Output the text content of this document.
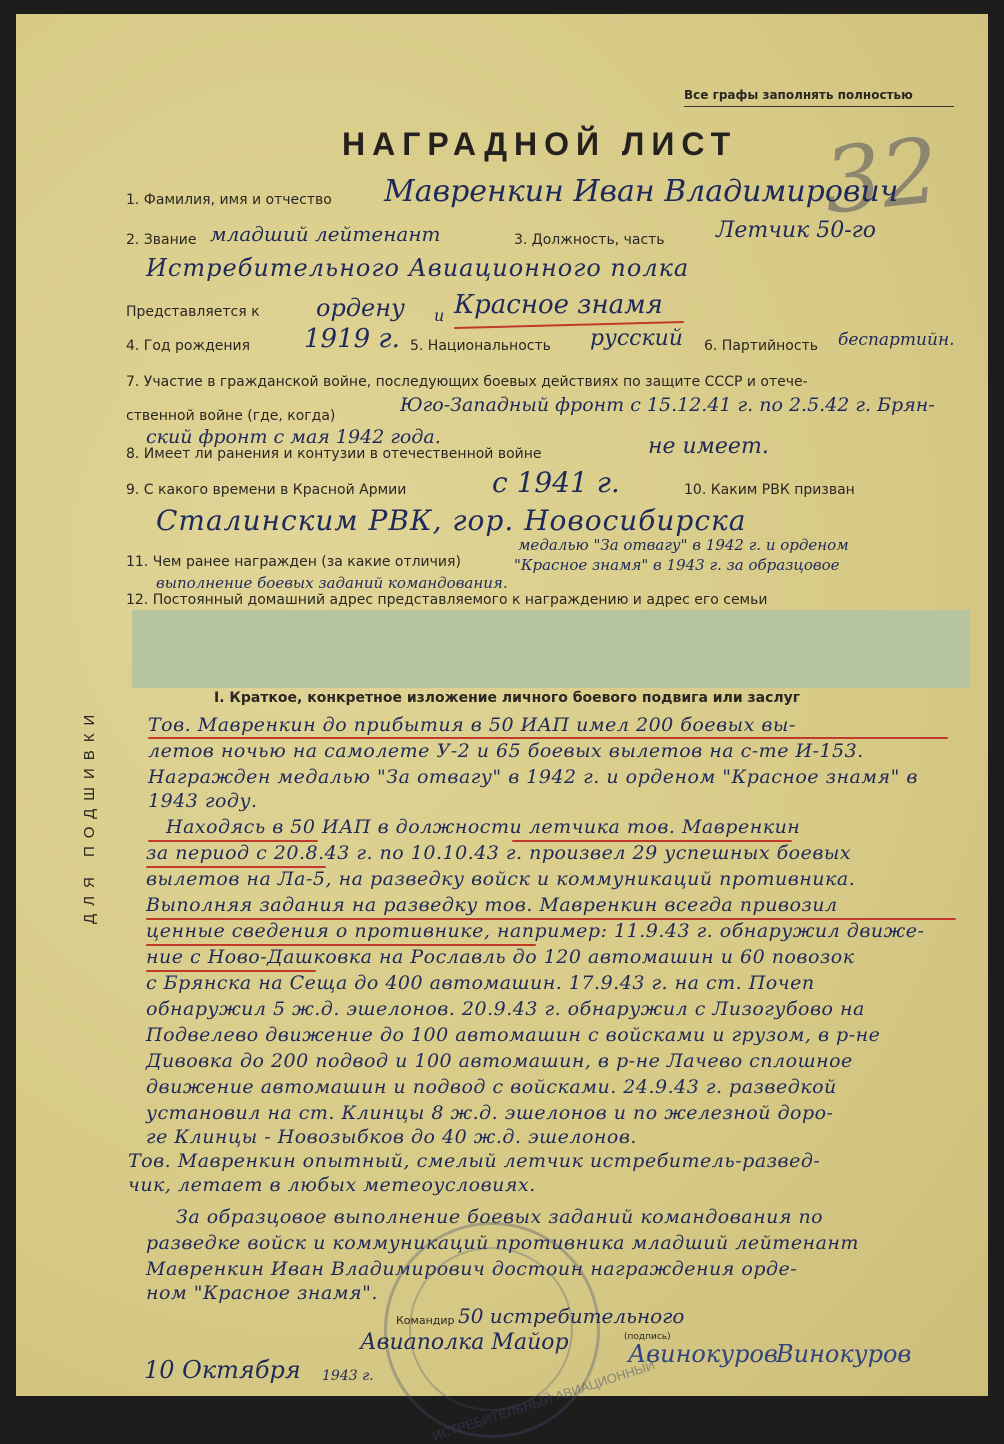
Все графы заполнять полностью
НАГРАДНОЙ ЛИСТ 32
1. Фамилия, имя и отчество Мавренкин Иван Владимирович
2. Звание младший лейтенант	3. Должность, часть Летчик 50-го
Истребительного Авиационного полка
Представляется к ордену и Красное знамя
4. Год рождения 1919 г. 5. Национальность русский 6. Партийность беспартийн.
7. Участие в гражданской войне, последующих боевых действиях по защите СССР и отече-
ственной войне (где, когда)	Юго-Западный фронт с 15.12.41 г. по 2.5.42 г. Брян-
ский фронт с мая 1942 года.
8. Имеет ли ранения и контузии в отечественной войне	не имеет.
9. С какого времени в Красной Армии	с 1941 г.	10. Каким РВК призван
Сталинским РВК, гор. Новосибирска
11. Чем ранее награжден (за какие отличия)
медалью "За отвагу" в 1942 г. и орденом
"Красное знамя" в 1943 г. за образцовое
выполнение боевых заданий командования.
12. Постоянный домашний адрес представляемого к награждению и адрес его семьи
ДЛЯ ПОДШИВКИ
I. Краткое, конкретное изложение личного боевого подвига или заслуг
Тов. Мавренкин до прибытия в 50 ИАП имел 200 боевых вы-
летов ночью на самолете У-2 и 65 боевых вылетов на с-те И-153.
Награжден медалью "За отвагу" в 1942 г. и орденом "Красное знамя" в
1943 году.
Находясь в 50 ИАП в должности летчика тов. Мавренкин
за период с 20.8.43 г. по 10.10.43 г. произвел 29 успешных боевых
вылетов на Ла-5, на разведку войск и коммуникаций противника.
Выполняя задания на разведку тов. Мавренкин всегда привозил
ценные сведения о противнике, например: 11.9.43 г. обнаружил движе-
ние с Ново-Дашковка на Рославль до 120 автомашин и 60 повозок
с Брянска на Сеща до 400 автомашин. 17.9.43 г. на ст. Почеп
обнаружил 5 ж.д. эшелонов. 20.9.43 г. обнаружил с Лизогубово на
Подвелево движение до 100 автомашин с войсками и грузом, в р-не
Дивовка до 200 подвод и 100 автомашин, в р-не Лачево сплошное
движение автомашин и подвод с войсками. 24.9.43 г. разведкой
установил на ст. Клинцы 8 ж.д. эшелонов и по железной доро-
ге Клинцы - Новозыбков до 40 ж.д. эшелонов.
Тов. Мавренкин опытный, смелый летчик истребитель-развед-
чик, летает в любых метеоусловиях.
За образцовое выполнение боевых заданий командования по
разведке войск и коммуникаций противника младший лейтенант
Мавренкин Иван Владимирович достоин награждения орде-
ном "Красное знамя".
ИСТРЕБИТЕЛЬНЫЙ АВИАЦИОННЫЙ
Командир 50 истребительного
Авиаполка Майор	(подпись)
Авинокуров
Винокуров
10 Октября 1943 г.
